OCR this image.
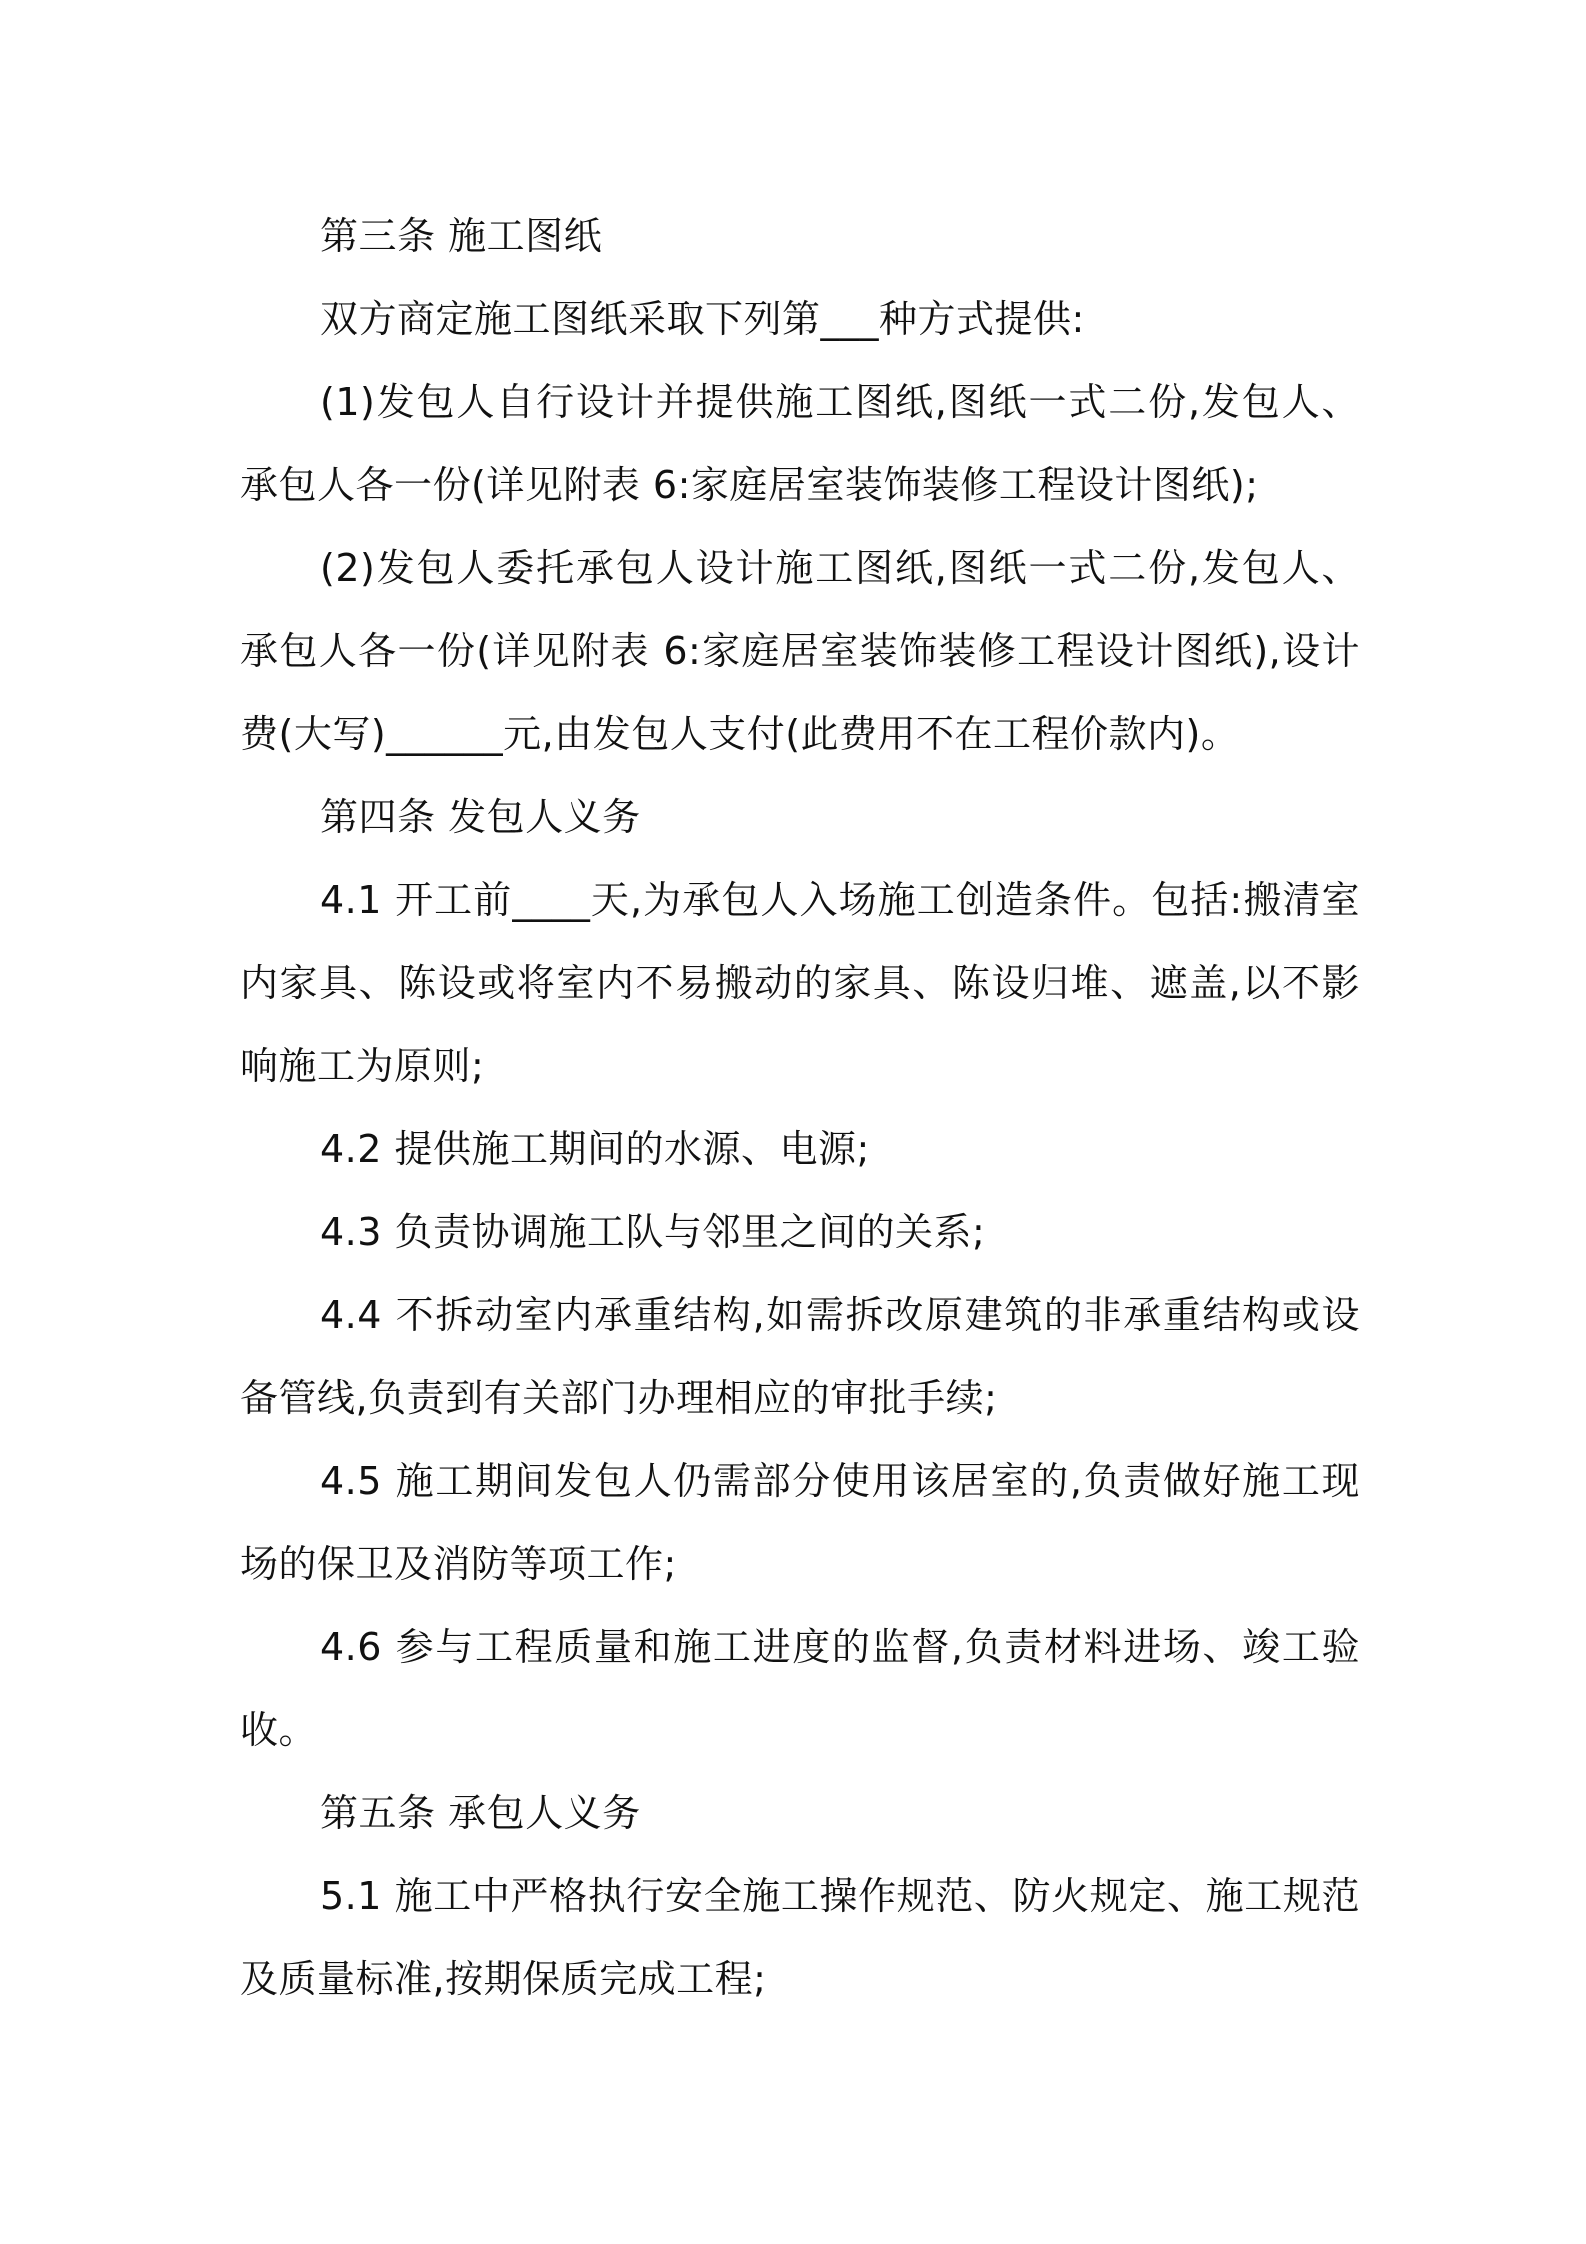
第三条 施工图纸

双方商定施工图纸采取下列第___种方式提供:

(1)发包人自行设计并提供施工图纸,图纸一式二份,发包人、承包人各一份(详见附表 6:家庭居室装饰装修工程设计图纸);

(2)发包人委托承包人设计施工图纸,图纸一式二份,发包人、承包人各一份(详见附表 6:家庭居室装饰装修工程设计图纸),设计费(大写)______元,由发包人支付(此费用不在工程价款内)。

第四条 发包人义务

4.1 开工前____天,为承包人入场施工创造条件。包括:搬清室内家具、陈设或将室内不易搬动的家具、陈设归堆、遮盖,以不影响施工为原则;

4.2 提供施工期间的水源、电源;

4.3 负责协调施工队与邻里之间的关系;

4.4 不拆动室内承重结构,如需拆改原建筑的非承重结构或设备管线,负责到有关部门办理相应的审批手续;

4.5 施工期间发包人仍需部分使用该居室的,负责做好施工现场的保卫及消防等项工作;

4.6 参与工程质量和施工进度的监督,负责材料进场、竣工验收。

第五条 承包人义务

5.1 施工中严格执行安全施工操作规范、防火规定、施工规范及质量标准,按期保质完成工程;
